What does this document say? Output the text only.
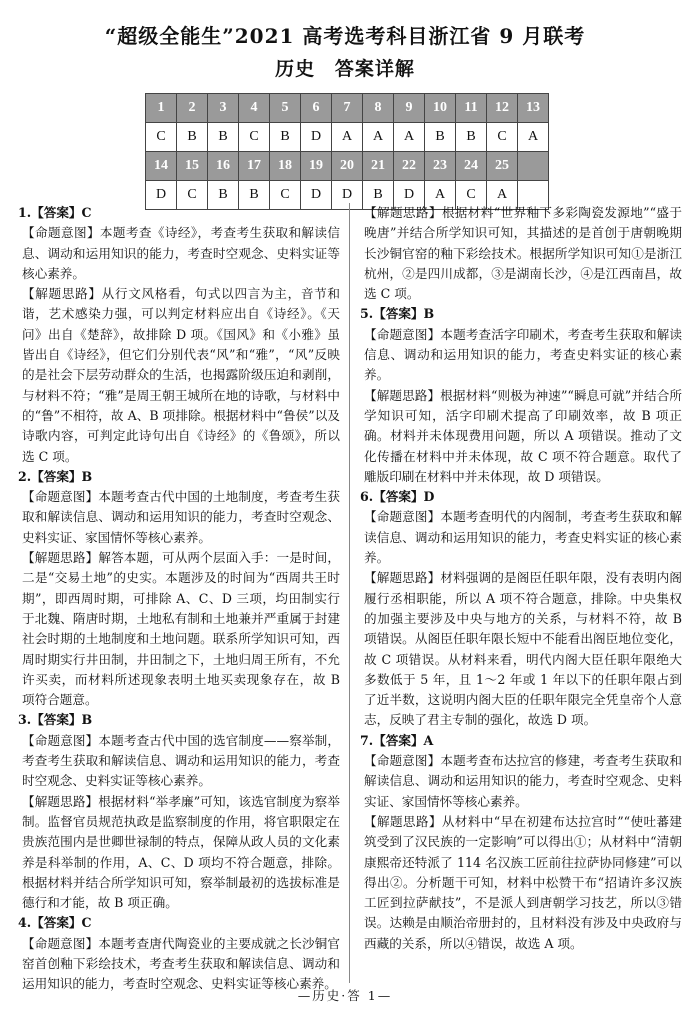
“超级全能生”2021 高考选考科目浙江省 9 月联考
历史 答案详解
1	2	3	4	5	6	7	8	9	10	11	12	13
C	B	B	C	B	D	A	A	A	B	B	C	A
14	15	16	17	18	19	20	21	22	23	24	25	
D	C	B	B	C	D	D	B	D	A	C	A	
1.【答案】C
【命题意图】本题考查《诗经》，考查考生获取和解读信息、调动和运用知识的能力，考查时空观念、史料实证等核心素养。
【解题思路】从行文风格看，句式以四言为主，音节和谐，艺术感染力强，可以判定材料应出自《诗经》。《天问》出自《楚辞》，故排除 D 项。《国风》和《小雅》虽皆出自《诗经》，但它们分别代表“风”和“雅”，“风”反映的是社会下层劳动群众的生活，也揭露阶级压迫和剥削，与材料不符；“雅”是周王朝王城所在地的诗歌，与材料中的“鲁”不相符，故 A、B 项排除。根据材料中“鲁侯”以及诗歌内容，可判定此诗句出自《诗经》的《鲁颂》，所以选 C 项。
2.【答案】B
【命题意图】本题考查古代中国的土地制度，考查考生获取和解读信息、调动和运用知识的能力，考查时空观念、史料实证、家国情怀等核心素养。
【解题思路】解答本题，可从两个层面入手：一是时间，二是“交易土地”的史实。本题涉及的时间为“西周共王时期”，即西周时期，可排除 A、C、D 三项，均田制实行于北魏、隋唐时期，土地私有制和土地兼并严重属于封建社会时期的土地制度和土地问题。联系所学知识可知，西周时期实行井田制，井田制之下，土地归周王所有，不允许买卖，而材料所述现象表明土地买卖现象存在，故 B 项符合题意。
3.【答案】B
【命题意图】本题考查古代中国的选官制度——察举制，考查考生获取和解读信息、调动和运用知识的能力，考查时空观念、史料实证等核心素养。
【解题思路】根据材料“举孝廉”可知，该选官制度为察举制。监督官员规范执政是监察制度的作用，将官职限定在贵族范围内是世卿世禄制的特点，保障从政人员的文化素养是科举制的作用，A、C、D 项均不符合题意，排除。根据材料并结合所学知识可知，察举制最初的选拔标准是德行和才能，故 B 项正确。
4.【答案】C
【命题意图】本题考查唐代陶瓷业的主要成就之长沙铜官窑首创釉下彩绘技术，考查考生获取和解读信息、调动和运用知识的能力，考查时空观念、史料实证等核心素养。
【解题思路】根据材料“世界釉下多彩陶瓷发源地”“盛于晚唐”并结合所学知识可知，其描述的是首创于唐朝晚期长沙铜官窑的釉下彩绘技术。根据所学知识可知①是浙江杭州，②是四川成都，③是湖南长沙，④是江西南昌，故选 C 项。
5.【答案】B
【命题意图】本题考查活字印刷术，考查考生获取和解读信息、调动和运用知识的能力，考查史料实证的核心素养。
【解题思路】根据材料“则极为神速”“瞬息可就”并结合所学知识可知，活字印刷术提高了印刷效率，故 B 项正确。材料并未体现费用问题，所以 A 项错误。推动了文化传播在材料中并未体现，故 C 项不符合题意。取代了雕版印刷在材料中并未体现，故 D 项错误。
6.【答案】D
【命题意图】本题考查明代的内阁制，考查考生获取和解读信息、调动和运用知识的能力，考查史料实证的核心素养。
【解题思路】材料强调的是阁臣任职年限，没有表明内阁履行丞相职能，所以 A 项不符合题意，排除。中央集权的加强主要涉及中央与地方的关系，与材料不符，故 B 项错误。从阁臣任职年限长短中不能看出阁臣地位变化，故 C 项错误。从材料来看，明代内阁大臣任职年限绝大多数低于 5 年，且 1～2 年或 1 年以下的任职年限占到了近半数，这说明内阁大臣的任职年限完全凭皇帝个人意志，反映了君主专制的强化，故选 D 项。
7.【答案】A
【命题意图】本题考查布达拉宫的修建，考查考生获取和解读信息、调动和运用知识的能力，考查时空观念、史料实证、家国情怀等核心素养。
【解题思路】从材料中“早在初建布达拉宫时”“使吐蕃建筑受到了汉民族的一定影响”可以得出①；从材料中“清朝康熙帝还特派了 114 名汉族工匠前往拉萨协同修建”可以得出②。分析题干可知，材料中松赞干布“招请许多汉族工匠到拉萨献技”，不是派人到唐朝学习技艺，所以③错误。达赖是由顺治帝册封的，且材料没有涉及中央政府与西藏的关系，所以④错误，故选 A 项。
—历史·答 1—
